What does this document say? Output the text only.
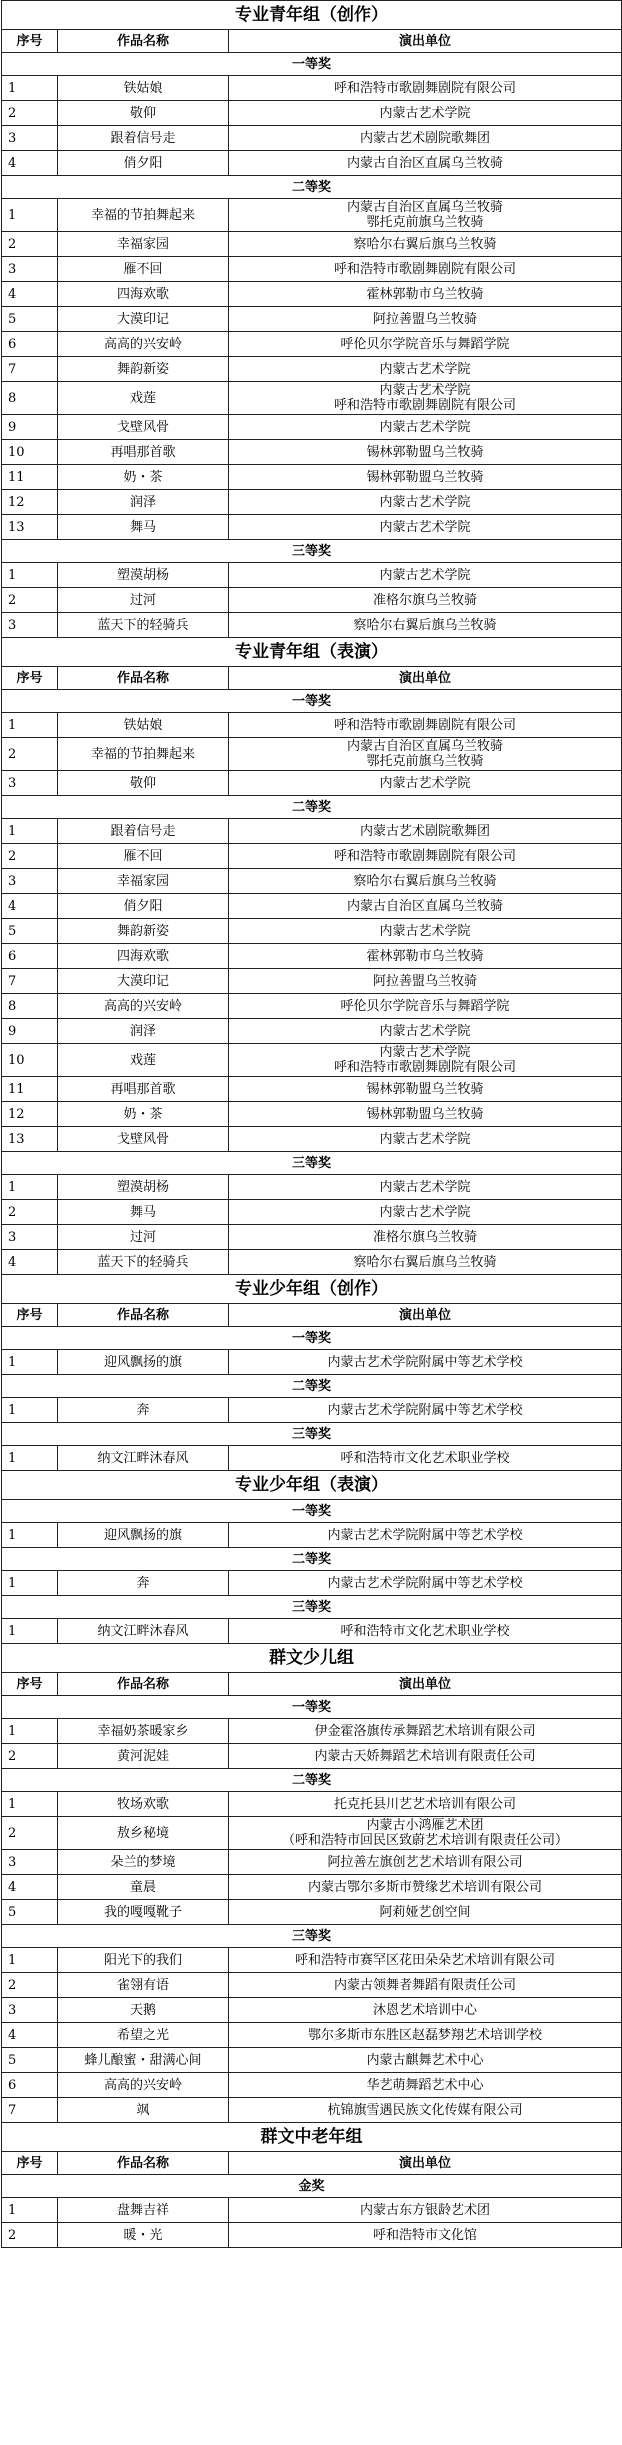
专业青年组（创作）		
序号	作品名称	演出单位
一等奖		
1	铁姑娘	呼和浩特市歌剧舞剧院有限公司

2	敬仰	内蒙古艺术学院

3	跟着信号走	内蒙古艺术剧院歌舞团

4	俏夕阳	内蒙古自治区直属乌兰牧骑

二等奖		
1	幸福的节拍舞起来	内蒙古自治区直属乌兰牧骑
鄂托克前旗乌兰牧骑

2	幸福家园	察哈尔右翼后旗乌兰牧骑

3	雁不回	呼和浩特市歌剧舞剧院有限公司

4	四海欢歌	霍林郭勒市乌兰牧骑

5	大漠印记	阿拉善盟乌兰牧骑

6	高高的兴安岭	呼伦贝尔学院音乐与舞蹈学院

7	舞韵新姿	内蒙古艺术学院

8	戏莲	内蒙古艺术学院
呼和浩特市歌剧舞剧院有限公司

9	戈壁风骨	内蒙古艺术学院

10	再唱那首歌	锡林郭勒盟乌兰牧骑

11	奶・茶	锡林郭勒盟乌兰牧骑

12	润泽	内蒙古艺术学院

13	舞马	内蒙古艺术学院

三等奖		
1	塑漠胡杨	内蒙古艺术学院

2	过河	准格尔旗乌兰牧骑

3	蓝天下的轻骑兵	察哈尔右翼后旗乌兰牧骑

专业青年组（表演）		
序号	作品名称	演出单位
一等奖		
1	铁姑娘	呼和浩特市歌剧舞剧院有限公司

2	幸福的节拍舞起来	内蒙古自治区直属乌兰牧骑
鄂托克前旗乌兰牧骑

3	敬仰	内蒙古艺术学院

二等奖		
1	跟着信号走	内蒙古艺术剧院歌舞团

2	雁不回	呼和浩特市歌剧舞剧院有限公司

3	幸福家园	察哈尔右翼后旗乌兰牧骑

4	俏夕阳	内蒙古自治区直属乌兰牧骑

5	舞韵新姿	内蒙古艺术学院

6	四海欢歌	霍林郭勒市乌兰牧骑

7	大漠印记	阿拉善盟乌兰牧骑

8	高高的兴安岭	呼伦贝尔学院音乐与舞蹈学院

9	润泽	内蒙古艺术学院

10	戏莲	内蒙古艺术学院
呼和浩特市歌剧舞剧院有限公司

11	再唱那首歌	锡林郭勒盟乌兰牧骑

12	奶・茶	锡林郭勒盟乌兰牧骑

13	戈壁风骨	内蒙古艺术学院

三等奖		
1	塑漠胡杨	内蒙古艺术学院

2	舞马	内蒙古艺术学院

3	过河	准格尔旗乌兰牧骑

4	蓝天下的轻骑兵	察哈尔右翼后旗乌兰牧骑

专业少年组（创作）		
序号	作品名称	演出单位
一等奖		
1	迎风飘扬的旗	内蒙古艺术学院附属中等艺术学校

二等奖		
1	奔	内蒙古艺术学院附属中等艺术学校

三等奖		
1	纳文江畔沐春风	呼和浩特市文化艺术职业学校

专业少年组（表演）		
一等奖		
1	迎风飘扬的旗	内蒙古艺术学院附属中等艺术学校

二等奖		
1	奔	内蒙古艺术学院附属中等艺术学校

三等奖		
1	纳文江畔沐春风	呼和浩特市文化艺术职业学校

群文少儿组		
序号	作品名称	演出单位
一等奖		
1	幸福奶茶暖家乡	伊金霍洛旗传承舞蹈艺术培训有限公司

2	黄河泥娃	内蒙古天娇舞蹈艺术培训有限责任公司

二等奖		
1	牧场欢歌	托克托县川艺艺术培训有限公司

2	敖乡秘境	内蒙古小鸿雁艺术团
（呼和浩特市回民区致蔚艺术培训有限责任公司）

3	朵兰的梦境	阿拉善左旗创艺艺术培训有限公司

4	童晨	内蒙古鄂尔多斯市赞缘艺术培训有限公司

5	我的嘎嘎靴子	阿莉娅艺创空间

三等奖		
1	阳光下的我们	呼和浩特市赛罕区花田朵朵艺术培训有限公司

2	雀翎有语	内蒙古领舞者舞蹈有限责任公司

3	天鹅	沐恩艺术培训中心

4	希望之光	鄂尔多斯市东胜区赵磊梦翔艺术培训学校

5	蜂儿酿蜜・甜满心间	内蒙古麒舞艺术中心

6	高高的兴安岭	华艺萌舞蹈艺术中心

7	飒	杭锦旗雪遇民族文化传媒有限公司

群文中老年组		
序号	作品名称	演出单位
金奖		
1	盘舞吉祥	内蒙古东方银龄艺术团

2	暖・光	呼和浩特市文化馆
